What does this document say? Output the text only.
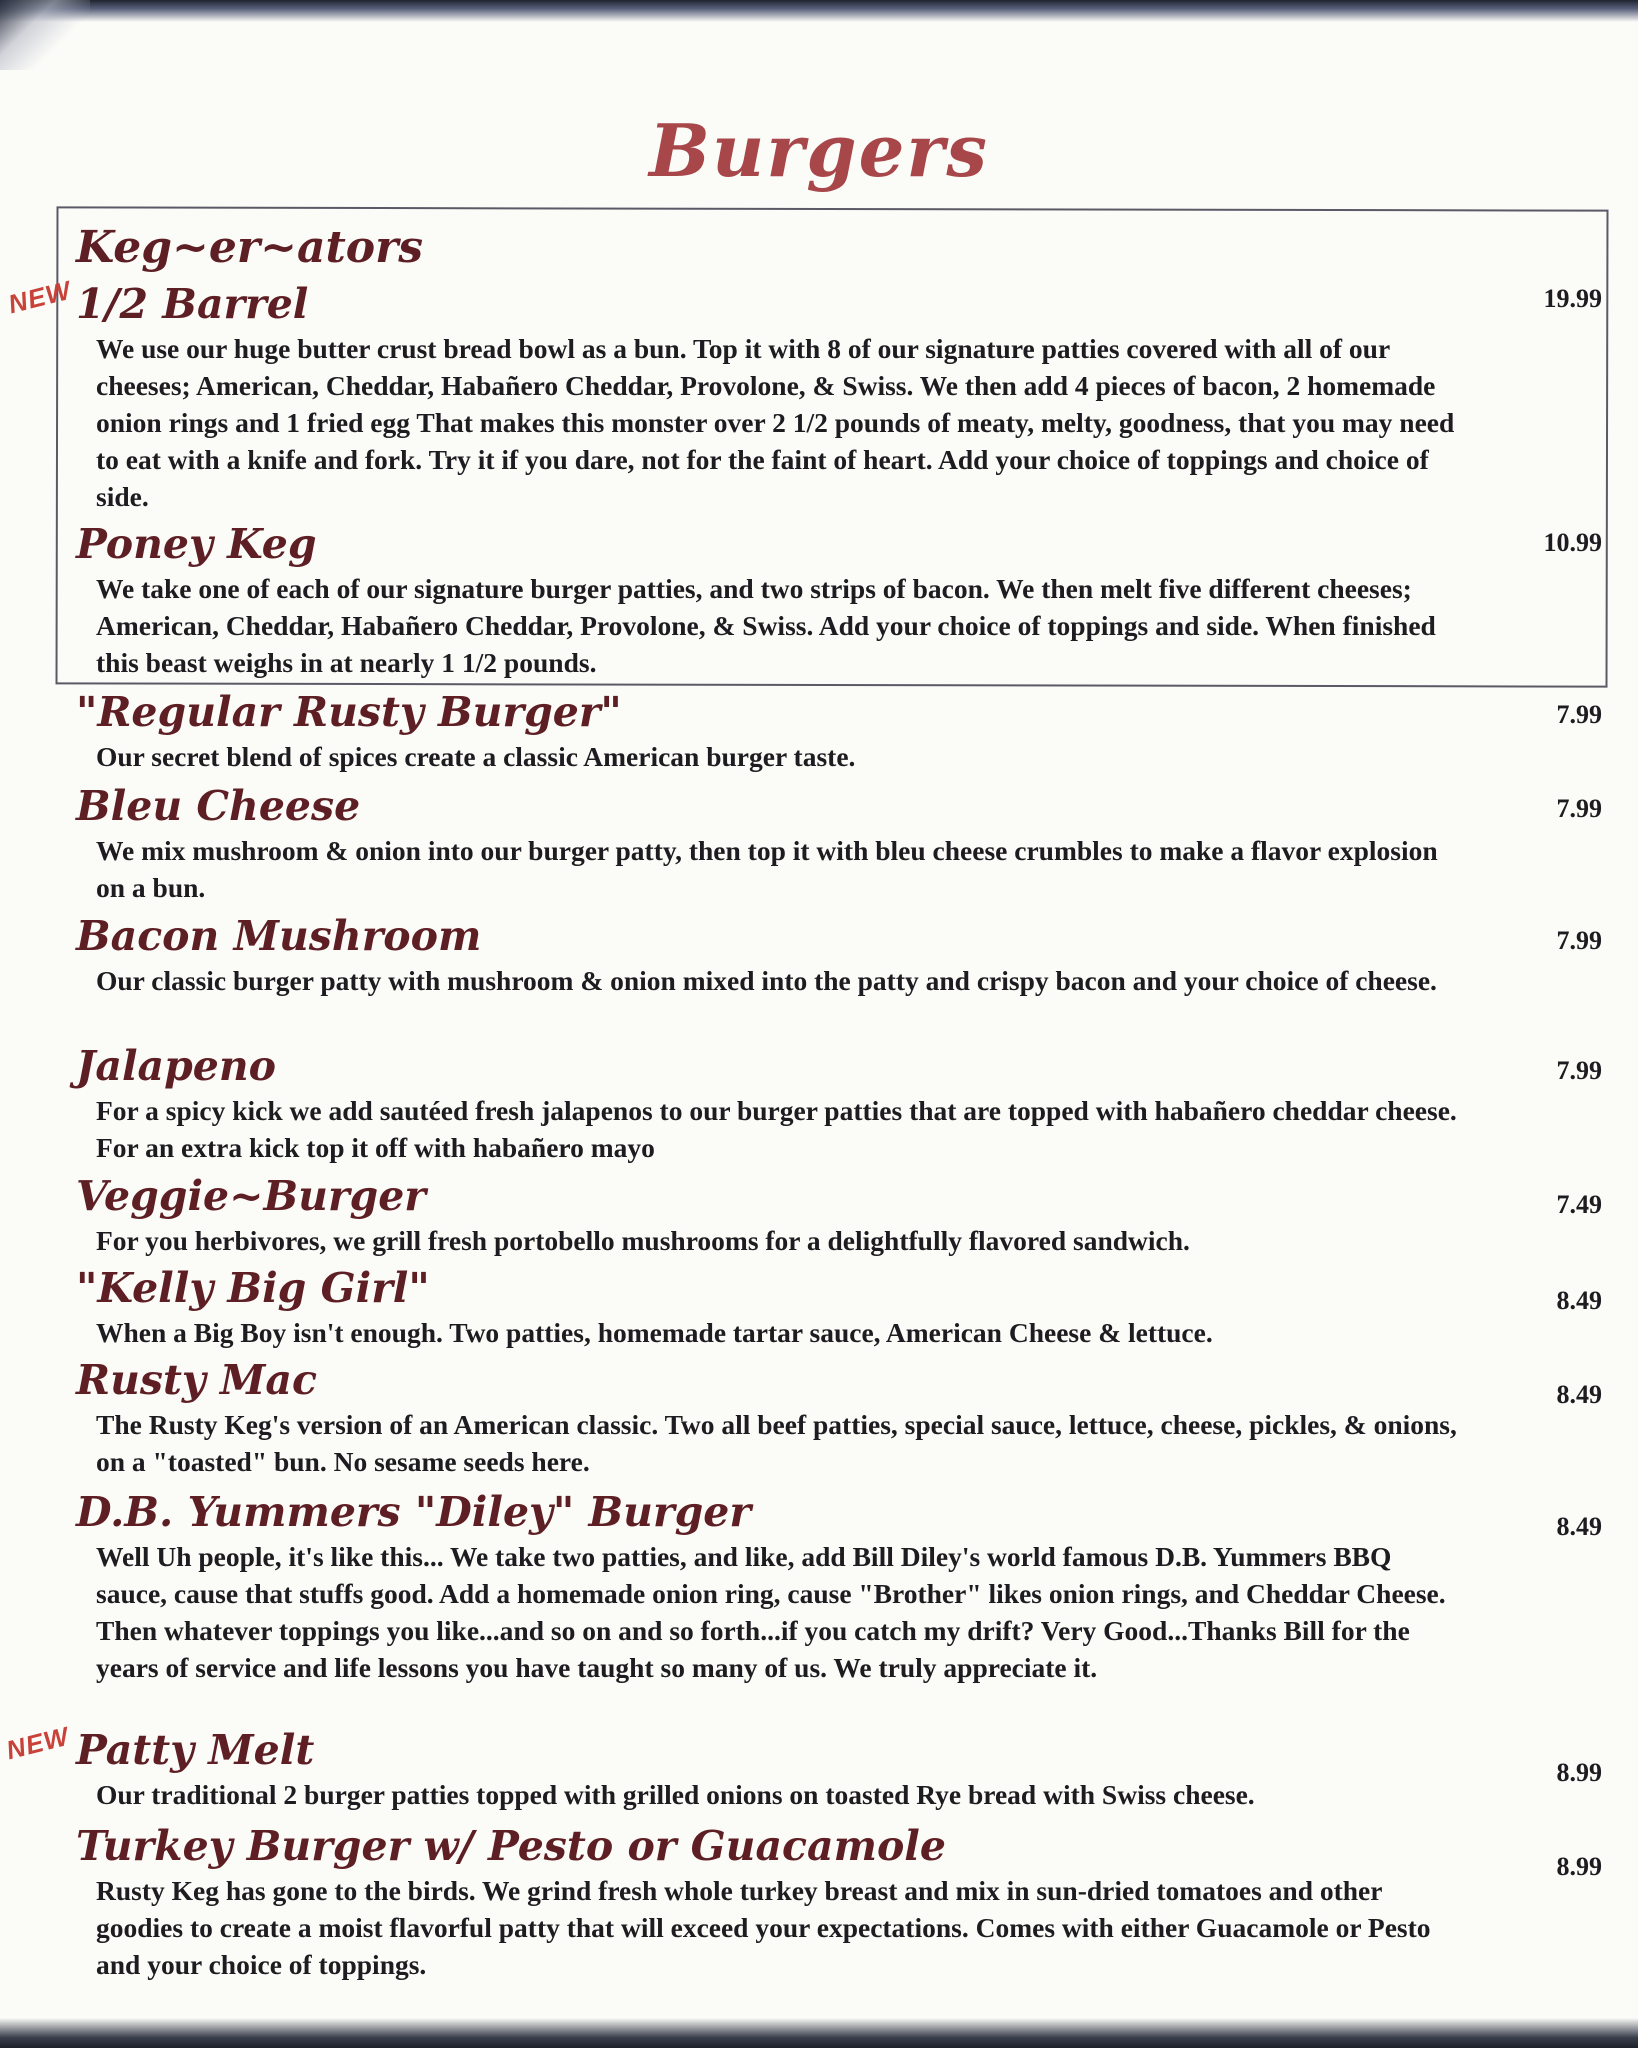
Burgers
Keg~er~ators
NEW
NEW
1/2 Barrel
We use our huge butter crust bread bowl as a bun. Top it with 8 of our signature patties covered with all of our cheeses; American, Cheddar, Habañero Cheddar, Provolone, & Swiss. We then add 4 pieces of bacon, 2 homemade onion rings and 1 fried egg That makes this monster over 2 1/2 pounds of meaty, melty, goodness, that you may need to eat with a knife and fork. Try it if you dare, not for the faint of heart. Add your choice of toppings and choice of side.
19.99
Poney Keg
We take one of each of our signature burger patties, and two strips of bacon. We then melt five different cheeses; American, Cheddar, Habañero Cheddar, Provolone, & Swiss. Add your choice of toppings and side. When finished this beast weighs in at nearly 1 1/2 pounds.
10.99
"Regular Rusty Burger"
Our secret blend of spices create a classic American burger taste.
7.99
Bleu Cheese
We mix mushroom & onion into our burger patty, then top it with bleu cheese crumbles to make a flavor explosion on a bun.
7.99
Bacon Mushroom
Our classic burger patty with mushroom & onion mixed into the patty and crispy bacon and your choice of cheese.
7.99
Jalapeno
For a spicy kick we add sautéed fresh jalapenos to our burger patties that are topped with habañero cheddar cheese. For an extra kick top it off with habañero mayo
7.99
Veggie~Burger
For you herbivores, we grill fresh portobello mushrooms for a delightfully flavored sandwich.
7.49
"Kelly Big Girl"
When a Big Boy isn't enough. Two patties, homemade tartar sauce, American Cheese & lettuce.
8.49
Rusty Mac
The Rusty Keg's version of an American classic. Two all beef patties, special sauce, lettuce, cheese, pickles, & onions, on a "toasted" bun. No sesame seeds here.
8.49
D.B. Yummers "Diley" Burger
Well Uh people, it's like this... We take two patties, and like, add Bill Diley's world famous D.B. Yummers BBQ sauce, cause that stuffs good. Add a homemade onion ring, cause "Brother" likes onion rings, and Cheddar Cheese. Then whatever toppings you like...and so on and so forth...if you catch my drift? Very Good...Thanks Bill for the years of service and life lessons you have taught so many of us. We truly appreciate it.
8.49
Patty Melt
Our traditional 2 burger patties topped with grilled onions on toasted Rye bread with Swiss cheese.
8.99
Turkey Burger w/ Pesto or Guacamole
Rusty Keg has gone to the birds. We grind fresh whole turkey breast and mix in sun-dried tomatoes and other goodies to create a moist flavorful patty that will exceed your expectations. Comes with either Guacamole or Pesto and your choice of toppings.
8.99
